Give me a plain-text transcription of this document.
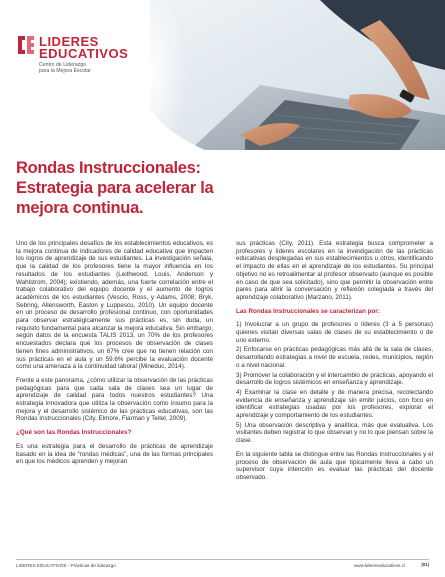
LIDERES
EDUCATIVOS
Centro de Liderazgo
para la Mejora Escolar
Rondas Instruccionales:
Estrategia para acelerar la
mejora continua.

Uno de los principales desafíos de los establecimientos educativos, es la mejora continua de indicadores de calidad educativa que impacten los logros de aprendizaje de sus estudiantes. La investigación señala, que la calidad de los profesores tiene la mayor influencia en los resultados de los estudiantes (Leithwood, Louis, Anderson y Wahlstrom, 2004); existiendo, además, una fuerte correlación entre el trabajo colaborativo del equipo docente y el aumento de logros académicos de los estudiantes (Vescio, Ross, y Adams, 2008; Bryk, Sebring, Allensworth, Easton y Luppescu, 2010). Un equipo docente en un proceso de desarrollo profesional continuo, con oportunidades para observar estratégicamente sus prácticas es, sin duda, un requisito fundamental para alcanzar la mejora educativa. Sin embargo, según datos de la encuesta TALIS 2013, un 70% de los profesores encuestados declara que los procesos de observación de clases tienen fines administrativos, un 67% cree que no tienen relación con sus prácticas en el aula y un 59.6% percibe la evaluación docente como una amenaza a la continuidad laboral (Mineduc, 2014).

Frente a este panorama, ¿cómo utilizar la observación de las prácticas pedagógicas para que cada sala de clases sea un lugar de aprendizaje de calidad para todos nuestros estudiantes? Una estrategia innovadora que utiliza la observación como insumo para la mejora y el desarrollo sistémico de las prácticas educativas, son las Rondas Instruccionales (City, Elmore, Fiarman y Teitel, 2009).

¿Qué son las Rondas Instruccionales?

Es una estrategia para el desarrollo de prácticas de aprendizaje basado en la idea de “rondas médicas”, una de las formas principales en que los médicos aprenden y mejoran

sus prácticas (City, 2011). Esta estrategia busca comprometer a profesores y líderes escolares en la investigación de las prácticas educativas desplegadas en sus establecimientos u otros, identificando el impacto de ellas en el aprendizaje de los estudiantes. Su principal objetivo no es retroalimentar al profesor observado (aunque es posible en caso de que sea solicitado), sino que permitir la observación entre pares para abrir la conversación y reflexión colegiada a través del aprendizaje colaborativo (Marzano, 2011).

Las Rondas Instruccionales se caracterizan por:

1) Involucrar a un grupo de profesores o líderes (3 a 5 personas) quienes visitan diversas salas de clases de su establecimiento o de uno externo.

2) Enfocarse en prácticas pedagógicas más allá de la sala de clases, desarrollando estrategias a nivel de escuela, redes, municipios, región o a nivel nacional.

3) Promover la colaboración y el intercambio de prácticas, apoyando el desarrollo de logros sistémicos en enseñanza y aprendizaje.

4) Examinar la clase en detalle y de manera precisa, recolectando evidencia de enseñanza y aprendizaje sin emitir juicios, con foco en identificar estrategias usadas por los profesores, explorar el aprendizaje y comportamiento de los estudiantes.

5) Una observación descriptiva y analítica, más que evaluativa. Los visitantes deben registrar lo que observan y no lo que piensan sobre la clase.

En la siguiente tabla se distingue entre las Rondas Instruccionales y el proceso de observación de aula que típicamente lleva a cabo un supervisor cuya intención es evaluar las prácticas del docente observado.

LIDERES EDUCATIVOS - Prácticas de liderazgo	www.lidereseducativos.cl	|01|
